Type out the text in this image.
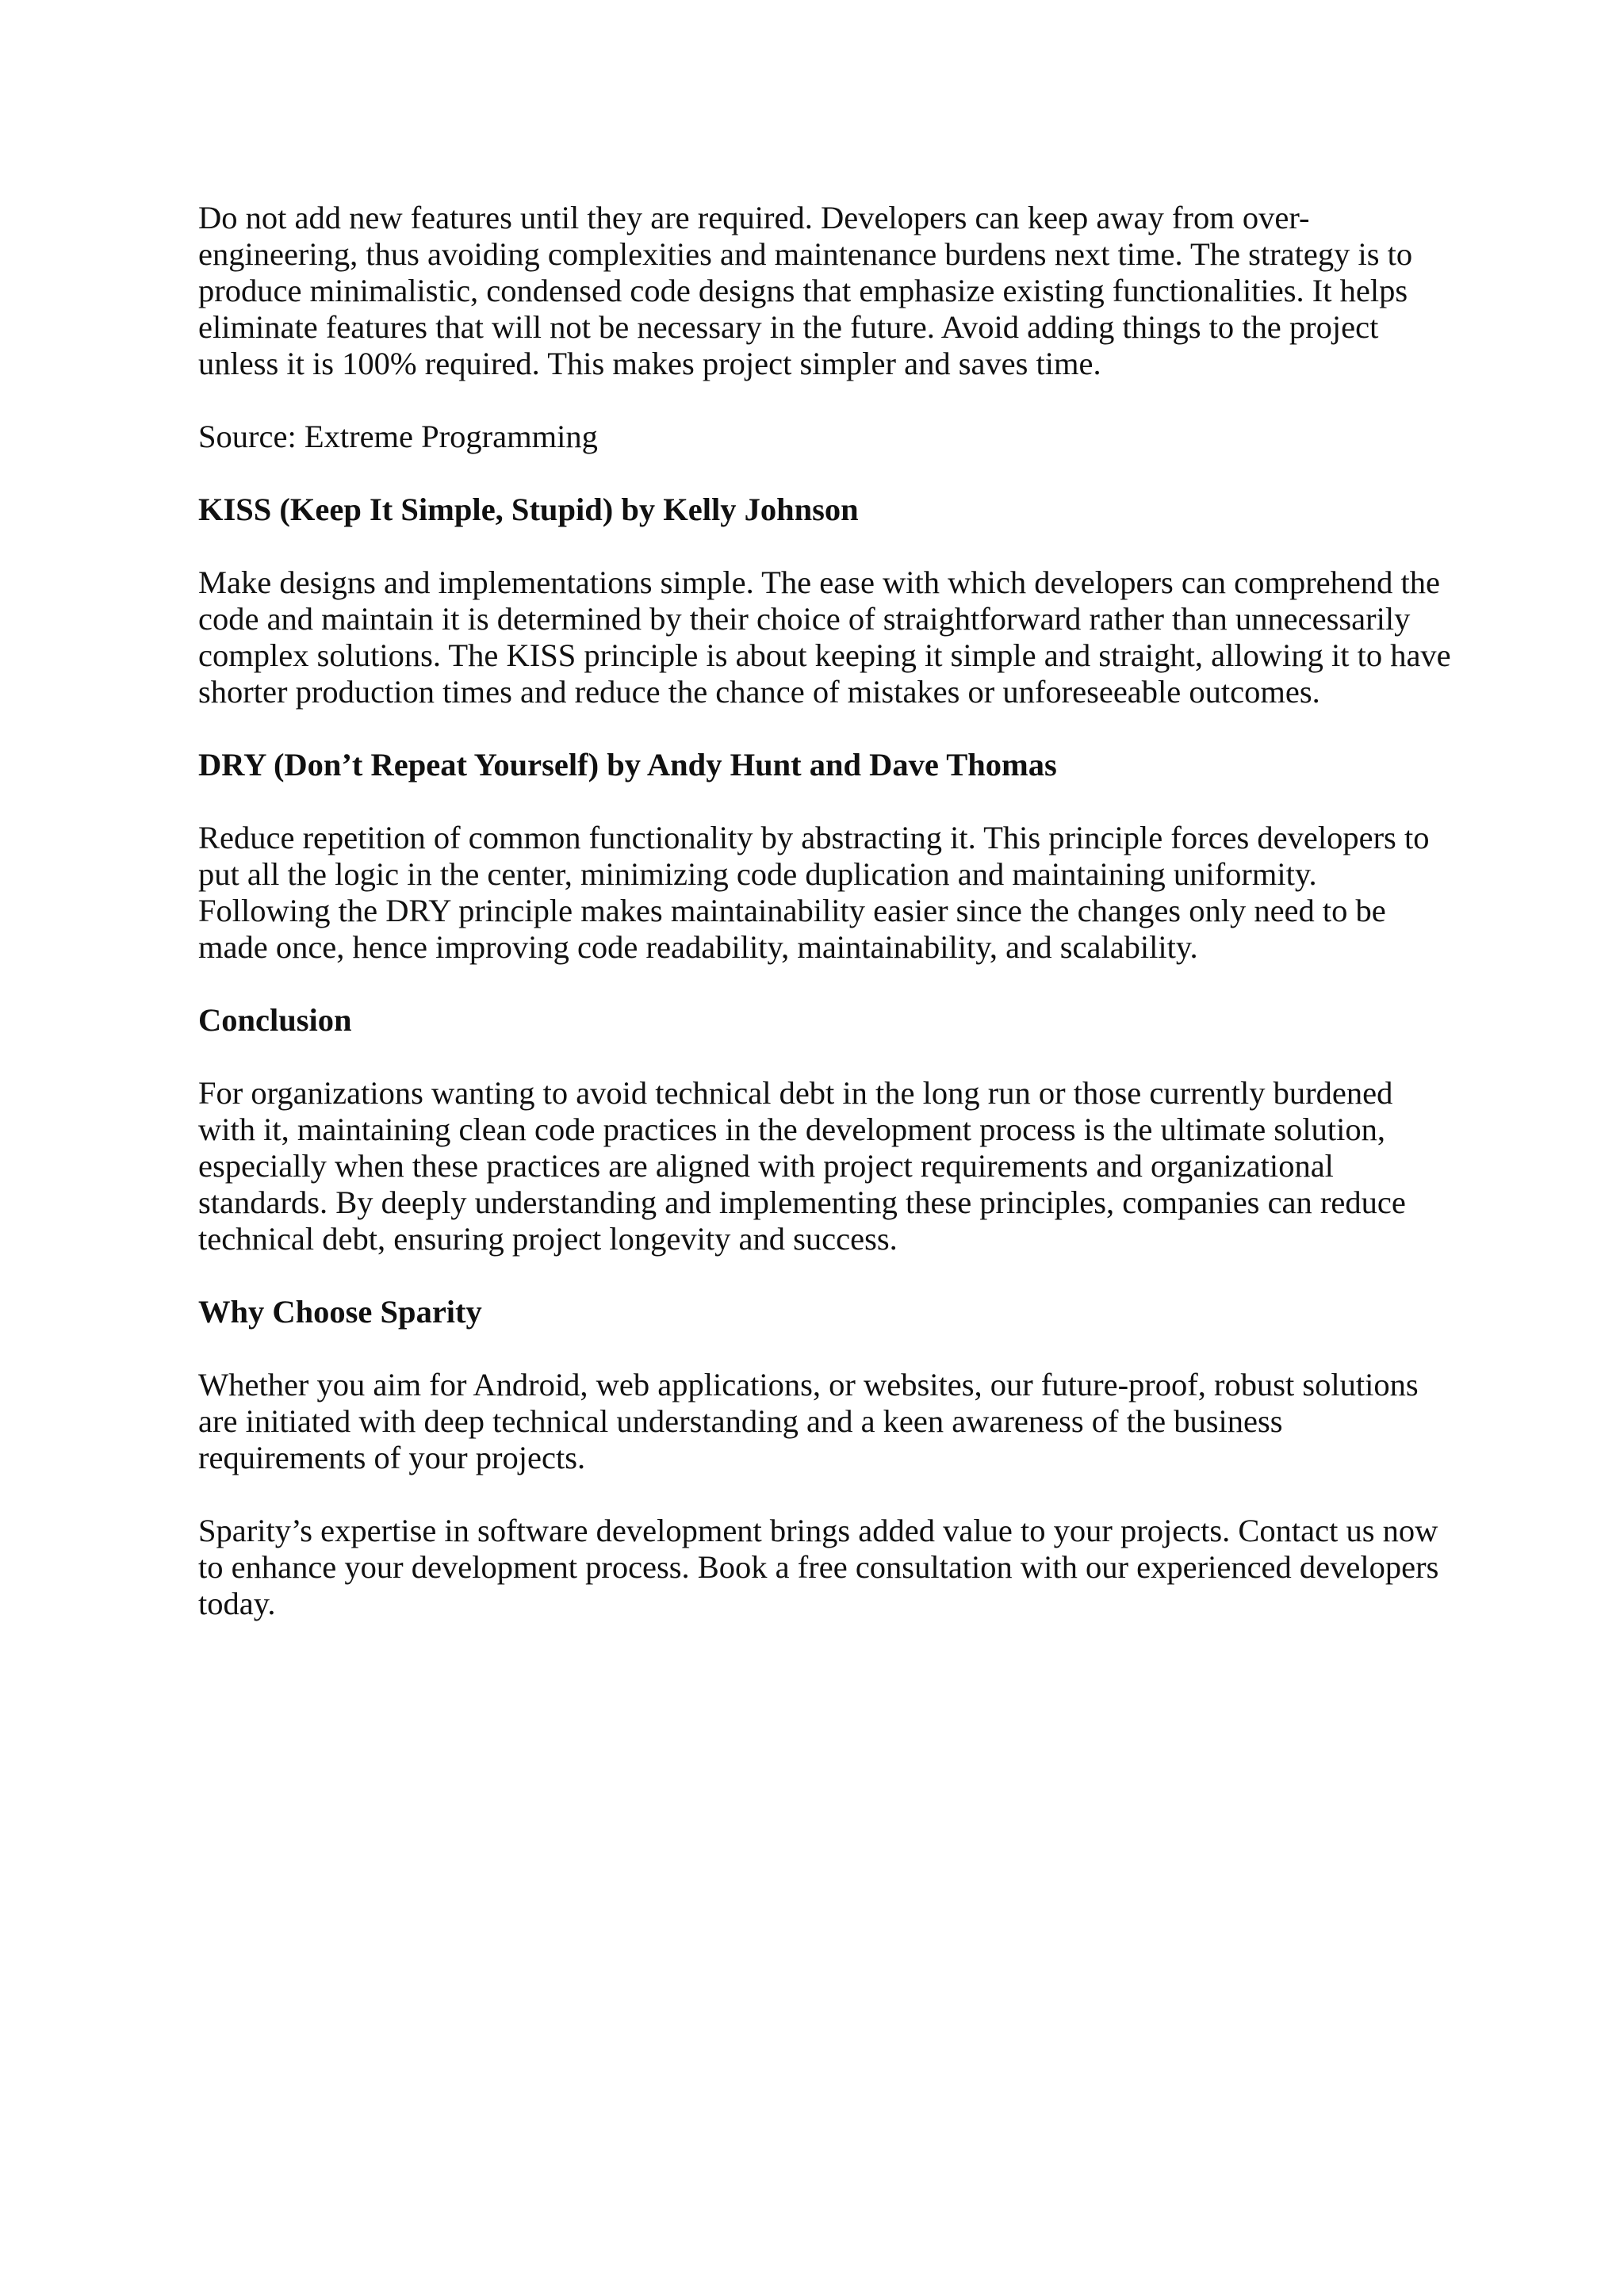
Do not add new features until they are required. Developers can keep away from over-engineering, thus avoiding complexities and maintenance burdens next time. The strategy is to produce minimalistic, condensed code designs that emphasize existing functionalities. It helps eliminate features that will not be necessary in the future. Avoid adding things to the project unless it is 100% required. This makes project simpler and saves time.

Source: Extreme Programming

KISS (Keep It Simple, Stupid) by Kelly Johnson

Make designs and implementations simple. The ease with which developers can comprehend the code and maintain it is determined by their choice of straightforward rather than unnecessarily complex solutions. The KISS principle is about keeping it simple and straight, allowing it to have shorter production times and reduce the chance of mistakes or unforeseeable outcomes.

DRY (Don’t Repeat Yourself) by Andy Hunt and Dave Thomas

Reduce repetition of common functionality by abstracting it. This principle forces developers to put all the logic in the center, minimizing code duplication and maintaining uniformity. Following the DRY principle makes maintainability easier since the changes only need to be made once, hence improving code readability, maintainability, and scalability.

Conclusion

For organizations wanting to avoid technical debt in the long run or those currently burdened with it, maintaining clean code practices in the development process is the ultimate solution, especially when these practices are aligned with project requirements and organizational standards. By deeply understanding and implementing these principles, companies can reduce technical debt, ensuring project longevity and success.

Why Choose Sparity

Whether you aim for Android, web applications, or websites, our future-proof, robust solutions are initiated with deep technical understanding and a keen awareness of the business requirements of your projects.

Sparity’s expertise in software development brings added value to your projects. Contact us now to enhance your development process. Book a free consultation with our experienced developers today.
